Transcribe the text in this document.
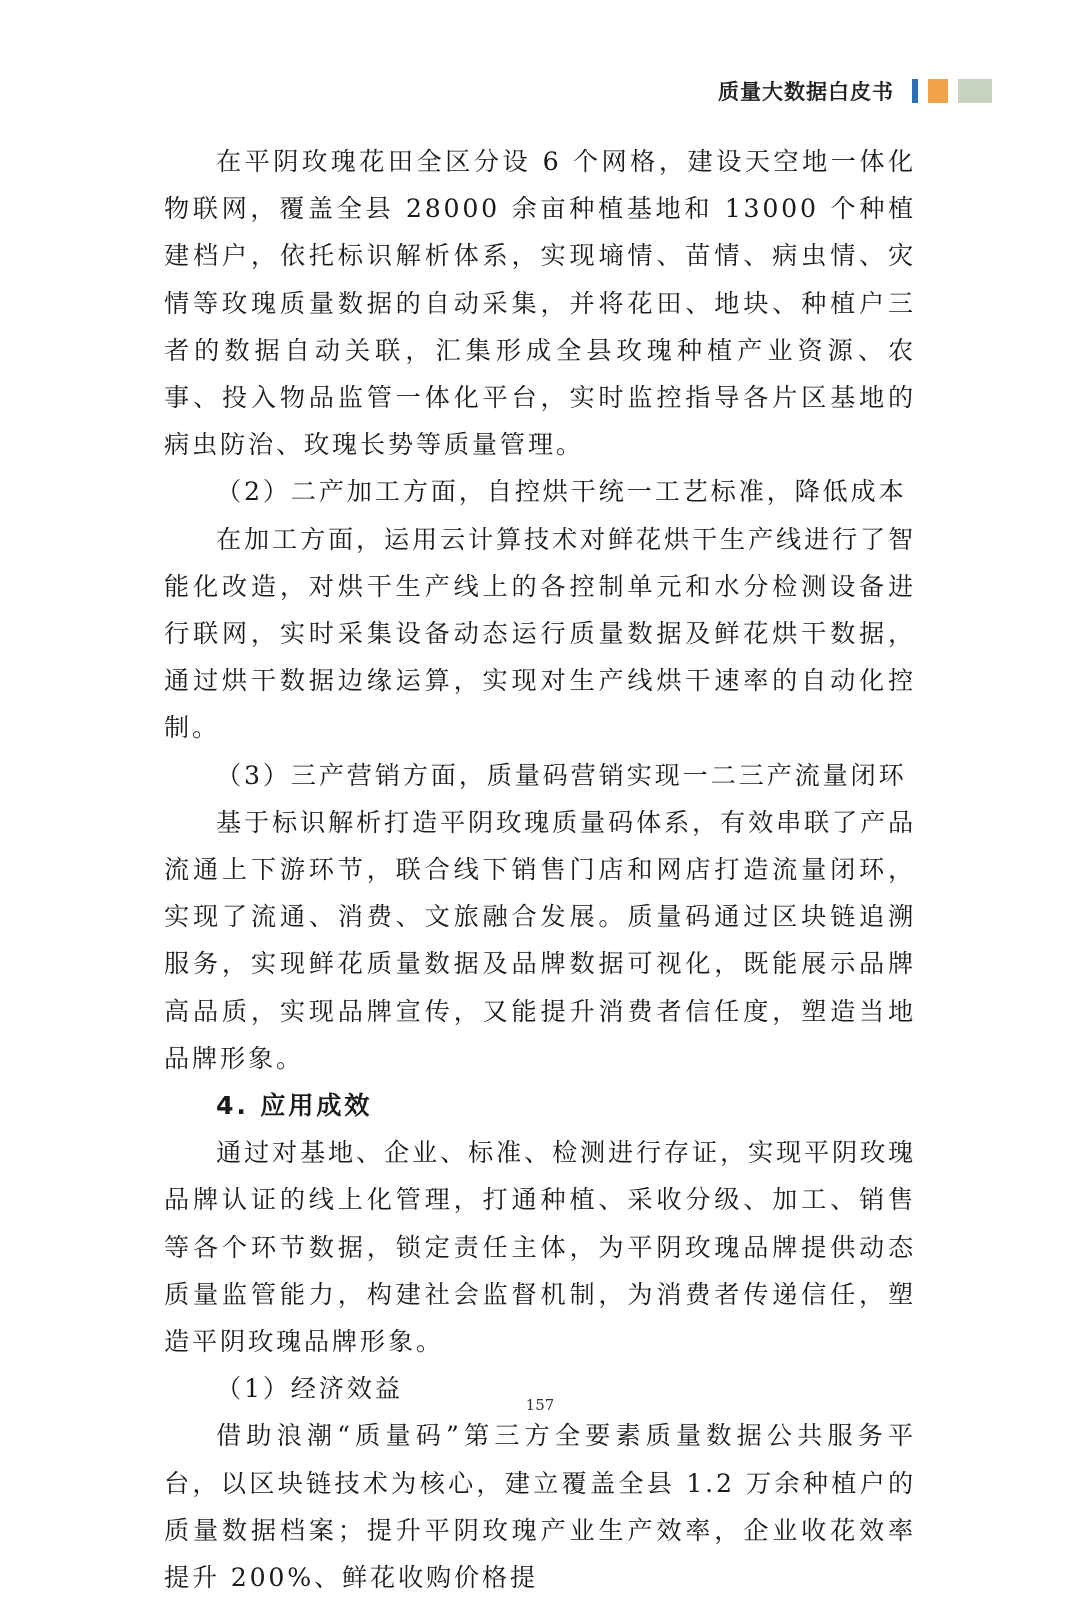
质量大数据白皮书

在平阴玫瑰花田全区分设 6 个网格，建设天空地一体化物联网，覆盖全县 28000 余亩种植基地和 13000 个种植建档户，依托标识解析体系，实现墒情、苗情、病虫情、灾情等玫瑰质量数据的自动采集，并将花田、地块、种植户三者的数据自动关联，汇集形成全县玫瑰种植产业资源、农事、投入物品监管一体化平台，实时监控指导各片区基地的病虫防治、玫瑰长势等质量管理。

（2）二产加工方面，自控烘干统一工艺标准，降低成本

在加工方面，运用云计算技术对鲜花烘干生产线进行了智能化改造，对烘干生产线上的各控制单元和水分检测设备进行联网，实时采集设备动态运行质量数据及鲜花烘干数据，通过烘干数据边缘运算，实现对生产线烘干速率的自动化控制。

（3）三产营销方面，质量码营销实现一二三产流量闭环

基于标识解析打造平阴玫瑰质量码体系，有效串联了产品流通上下游环节，联合线下销售门店和网店打造流量闭环，实现了流通、消费、文旅融合发展。质量码通过区块链追溯服务，实现鲜花质量数据及品牌数据可视化，既能展示品牌高品质，实现品牌宣传，又能提升消费者信任度，塑造当地品牌形象。

4. 应用成效

通过对基地、企业、标准、检测进行存证，实现平阴玫瑰品牌认证的线上化管理，打通种植、采收分级、加工、销售等各个环节数据，锁定责任主体，为平阴玫瑰品牌提供动态质量监管能力，构建社会监督机制，为消费者传递信任，塑造平阴玫瑰品牌形象。

（1）经济效益

借助浪潮“质量码”第三方全要素质量数据公共服务平台，以区块链技术为核心，建立覆盖全县 1.2 万余种植户的质量数据档案；提升平阴玫瑰产业生产效率，企业收花效率提升 200%、鲜花收购价格提

157
